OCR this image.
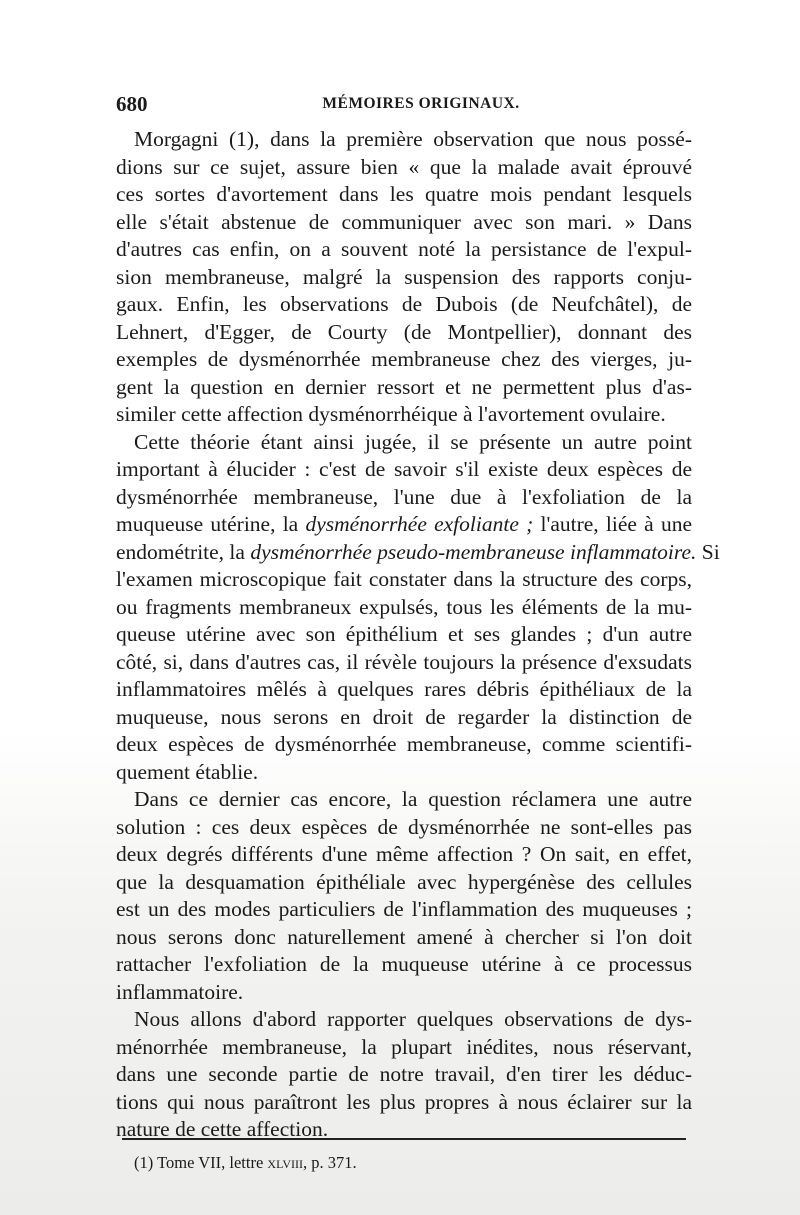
680	MÉMOIRES ORIGINAUX.
Morgagni (1), dans la première observation que nous possé-
dions sur ce sujet, assure bien « que la malade avait éprouvé
ces sortes d'avortement dans les quatre mois pendant lesquels
elle s'était abstenue de communiquer avec son mari. » Dans
d'autres cas enfin, on a souvent noté la persistance de l'expul-
sion membraneuse, malgré la suspension des rapports conju-
gaux. Enfin, les observations de Dubois (de Neufchâtel), de
Lehnert, d'Egger, de Courty (de Montpellier), donnant des
exemples de dysménorrhée membraneuse chez des vierges, ju-
gent la question en dernier ressort et ne permettent plus d'as-
similer cette affection dysménorrhéique à l'avortement ovulaire.
Cette théorie étant ainsi jugée, il se présente un autre point
important à élucider : c'est de savoir s'il existe deux espèces de
dysménorrhée membraneuse, l'une due à l'exfoliation de la
muqueuse utérine, la dysménorrhée exfoliante ; l'autre, liée à une
endométrite, la dysménorrhée pseudo-membraneuse inflammatoire. Si
l'examen microscopique fait constater dans la structure des corps,
ou fragments membraneux expulsés, tous les éléments de la mu-
queuse utérine avec son épithélium et ses glandes ; d'un autre
côté, si, dans d'autres cas, il révèle toujours la présence d'exsudats
inflammatoires mêlés à quelques rares débris épithéliaux de la
muqueuse, nous serons en droit de regarder la distinction de
deux espèces de dysménorrhée membraneuse, comme scientifi-
quement établie.
Dans ce dernier cas encore, la question réclamera une autre
solution : ces deux espèces de dysménorrhée ne sont-elles pas
deux degrés différents d'une même affection ? On sait, en effet,
que la desquamation épithéliale avec hypergénèse des cellules
est un des modes particuliers de l'inflammation des muqueuses ;
nous serons donc naturellement amené à chercher si l'on doit
rattacher l'exfoliation de la muqueuse utérine à ce processus
inflammatoire.
Nous allons d'abord rapporter quelques observations de dys-
ménorrhée membraneuse, la plupart inédites, nous réservant,
dans une seconde partie de notre travail, d'en tirer les déduc-
tions qui nous paraîtront les plus propres à nous éclairer sur la
nature de cette affection.
(1) Tome VII, lettre xlviii, p. 371.
